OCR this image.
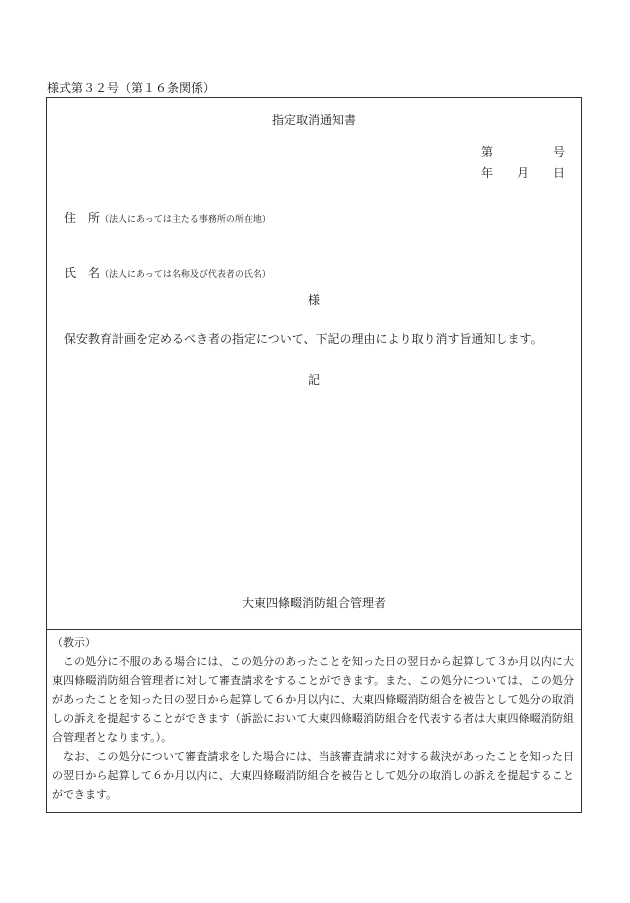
様式第３２号（第１６条関係）
指定取消通知書
第	号
年 月 日
住　所（法人にあっては主たる事務所の所在地）
氏　名（法人にあっては名称及び代表者の氏名）
様
保安教育計画を定めるべき者の指定について、下記の理由により取り消す旨通知します。
記
大東四條畷消防組合管理者
（教示）

この処分に不服のある場合には、この処分のあったことを知った日の翌日から起算して３か月以内に大東四條畷消防組合管理者に対して審査請求をすることができます。また、この処分については、この処分があったことを知った日の翌日から起算して６か月以内に、大東四條畷消防組合を被告として処分の取消しの訴えを提起することができます（訴訟において大東四條畷消防組合を代表する者は大東四條畷消防組合管理者となります。）。

なお、この処分について審査請求をした場合には、当該審査請求に対する裁決があったことを知った日の翌日から起算して６か月以内に、大東四條畷消防組合を被告として処分の取消しの訴えを提起することができます。
